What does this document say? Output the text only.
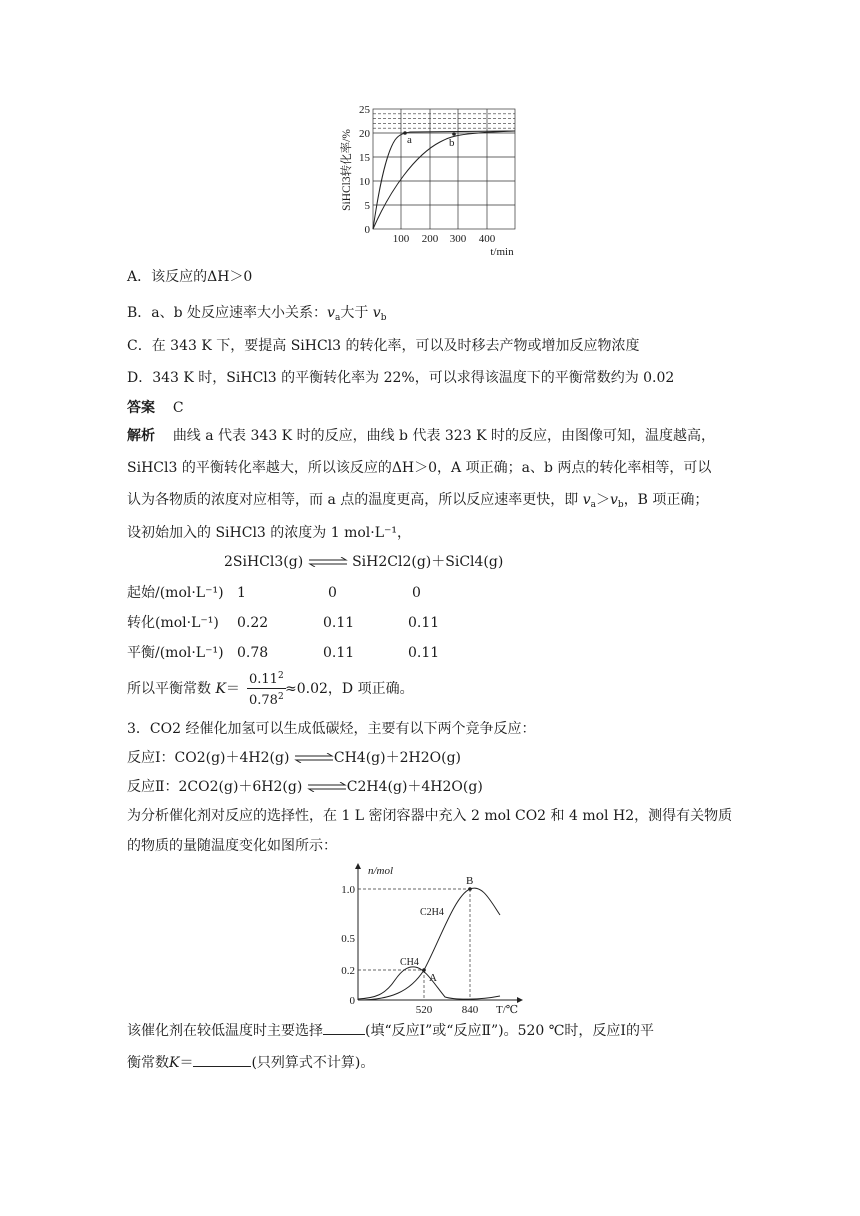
a	b
25
20
15
10
5
0
100 200 300 400
t/min
SiHCl3转化率/%
A．该反应的ΔH＞0
B．a、b 处反应速率大小关系：$v_a$大于 $v_b$
C．在 343 K 下，要提高 SiHCl3 的转化率，可以及时移去产物或增加反应物浓度
D．343 K 时，SiHCl3 的平衡转化率为 22%，可以求得该温度下的平衡常数约为 0.02
答案 C
解析 曲线 a 代表 343 K 时的反应，曲线 b 代表 323 K 时的反应，由图像可知，温度越高，
SiHCl3 的平衡转化率越大，所以该反应的ΔH＞0，A 项正确；a、b 两点的转化率相等，可以
认为各物质的浓度对应相等，而 a 点的温度更高，所以反应速率更快，即 $v_a>v_b$，B 项正确；
设初始加入的 SiHCl3 的浓度为 1 mol·L⁻¹，
2SiHCl3(g) ⇌ SiH2Cl2(g)＋SiCl4(g)
起始/(mol·L⁻¹) 1	0	0
转化(mol·L⁻¹) 0.22	0.11	0.11
平衡/(mol·L⁻¹) 0.78	0.11	0.11
所以平衡常数 K＝
$0.11^2$
$0.78^2 \approx 0.02$，D 项正确。
3．CO2 经催化加氢可以生成低碳烃，主要有以下两个竞争反应：
反应Ⅰ：CO2(g)＋4H2(g) ⇌CH4(g)＋2H2O(g)
反应Ⅱ：2CO2(g)＋6H2(g) ⇌C2H4(g)＋4H2O(g)
为分析催化剂对反应的选择性，在 1 L 密闭容器中充入 2 mol CO2 和 4 mol H2，测得有关物质
的物质的量随温度变化如图所示：
A
B
CH4
C2H4
1.0
0.5
0.2
0
520	840
n/mol
T/℃
该催化剂在较低温度时主要选择	(填“反应Ⅰ”或“反应Ⅱ”)。520 ℃时，反应Ⅰ的平
衡常数K＝	(只列算式不计算)。
